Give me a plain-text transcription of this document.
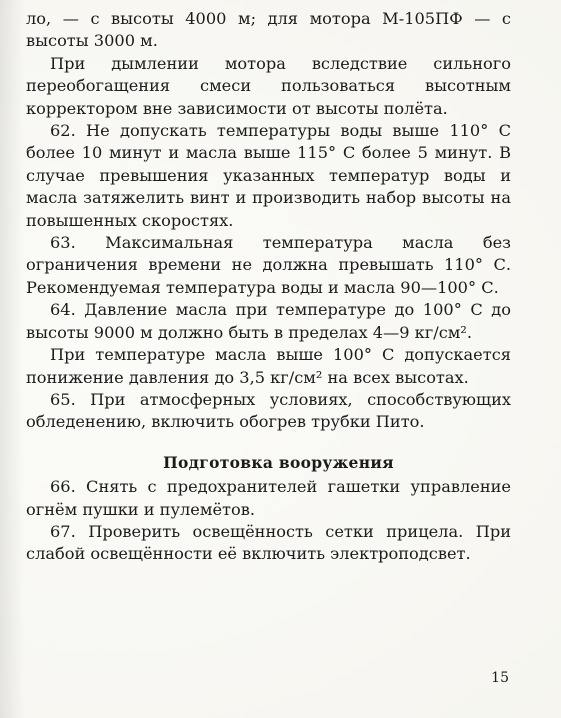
ло, — с высоты 4000 м; для мотора М-105ПФ — с высоты 3000 м.

При дымлении мотора вследствие сильного переобогащения смеси пользоваться высотным корректором вне зависимости от высоты полёта.

62. Не допускать температуры воды выше 110° С более 10 минут и масла выше 115° С более 5 минут. В случае превышения указанных температур воды и масла затяжелить винт и производить набор высоты на повышенных скоростях.

63. Максимальная температура масла без ограничения времени не должна превышать 110° С. Рекомендуемая температура воды и масла 90—100° С.

64. Давление масла при температуре до 100° С до высоты 9000 м должно быть в пределах 4—9 кг/см².

При температуре масла выше 100° С допускается понижение давления до 3,5 кг/см² на всех высотах.

65. При атмосферных условиях, способствующих обледенению, включить обогрев трубки Пито.

Подготовка вооружения

66. Снять с предохранителей гашетки управление огнём пушки и пулемётов.

67. Проверить освещённость сетки прицела. При слабой освещённости её включить электроподсвет.

15
